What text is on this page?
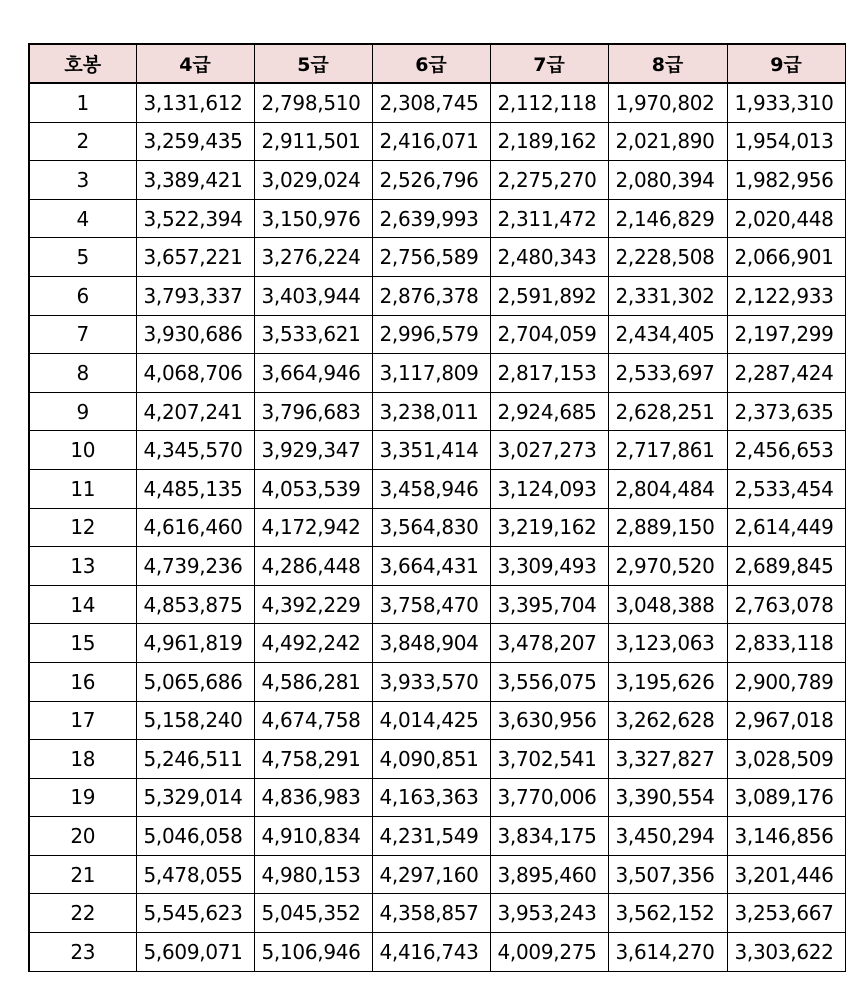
호봉	4급	5급	6급	7급	8급	9급
1	3,131,612	2,798,510	2,308,745	2,112,118	1,970,802	1,933,310
2	3,259,435	2,911,501	2,416,071	2,189,162	2,021,890	1,954,013
3	3,389,421	3,029,024	2,526,796	2,275,270	2,080,394	1,982,956
4	3,522,394	3,150,976	2,639,993	2,311,472	2,146,829	2,020,448
5	3,657,221	3,276,224	2,756,589	2,480,343	2,228,508	2,066,901
6	3,793,337	3,403,944	2,876,378	2,591,892	2,331,302	2,122,933
7	3,930,686	3,533,621	2,996,579	2,704,059	2,434,405	2,197,299
8	4,068,706	3,664,946	3,117,809	2,817,153	2,533,697	2,287,424
9	4,207,241	3,796,683	3,238,011	2,924,685	2,628,251	2,373,635
10	4,345,570	3,929,347	3,351,414	3,027,273	2,717,861	2,456,653
11	4,485,135	4,053,539	3,458,946	3,124,093	2,804,484	2,533,454
12	4,616,460	4,172,942	3,564,830	3,219,162	2,889,150	2,614,449
13	4,739,236	4,286,448	3,664,431	3,309,493	2,970,520	2,689,845
14	4,853,875	4,392,229	3,758,470	3,395,704	3,048,388	2,763,078
15	4,961,819	4,492,242	3,848,904	3,478,207	3,123,063	2,833,118
16	5,065,686	4,586,281	3,933,570	3,556,075	3,195,626	2,900,789
17	5,158,240	4,674,758	4,014,425	3,630,956	3,262,628	2,967,018
18	5,246,511	4,758,291	4,090,851	3,702,541	3,327,827	3,028,509
19	5,329,014	4,836,983	4,163,363	3,770,006	3,390,554	3,089,176
20	5,046,058	4,910,834	4,231,549	3,834,175	3,450,294	3,146,856
21	5,478,055	4,980,153	4,297,160	3,895,460	3,507,356	3,201,446
22	5,545,623	5,045,352	4,358,857	3,953,243	3,562,152	3,253,667
23	5,609,071	5,106,946	4,416,743	4,009,275	3,614,270	3,303,622
